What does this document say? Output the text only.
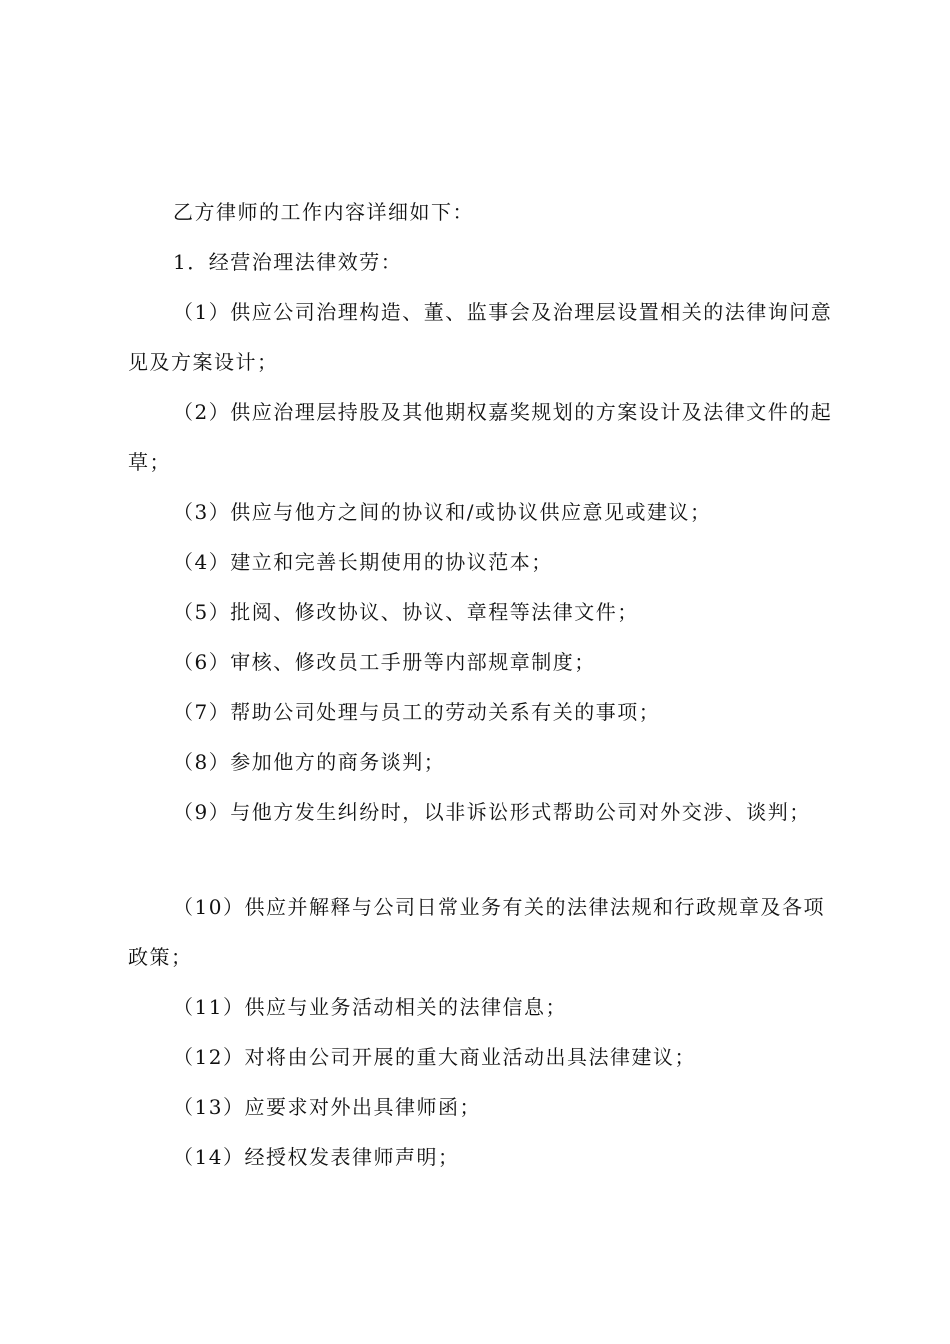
乙方律师的工作内容详细如下：

1．经营治理法律效劳：

（1）供应公司治理构造、董、监事会及治理层设置相关的法律询问意见及方案设计；

（2）供应治理层持股及其他期权嘉奖规划的方案设计及法律文件的起草；

（3）供应与他方之间的协议和/或协议供应意见或建议；

（4）建立和完善长期使用的协议范本；

（5）批阅、修改协议、协议、章程等法律文件；

（6）审核、修改员工手册等内部规章制度；

（7）帮助公司处理与员工的劳动关系有关的事项；

（8）参加他方的商务谈判；

（9）与他方发生纠纷时，以非诉讼形式帮助公司对外交涉、谈判；

（10）供应并解释与公司日常业务有关的法律法规和行政规章及各项政策；

（11）供应与业务活动相关的法律信息；

（12）对将由公司开展的重大商业活动出具法律建议；

（13）应要求对外出具律师函；

（14）经授权发表律师声明；
